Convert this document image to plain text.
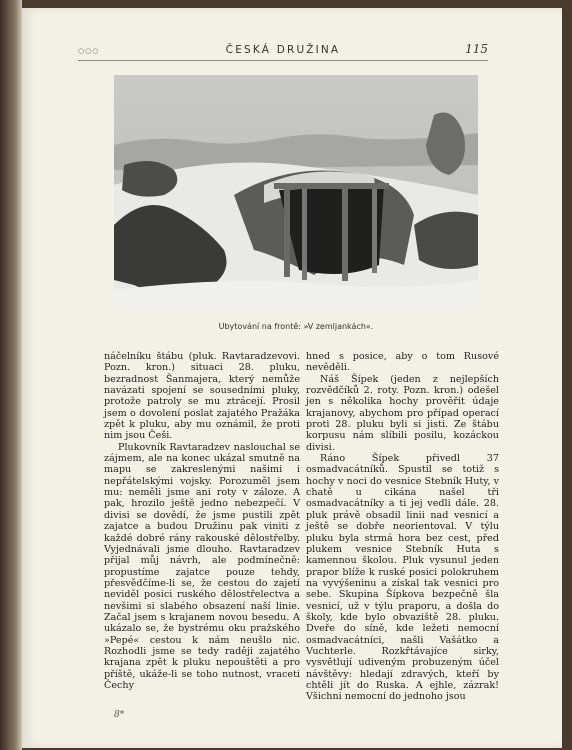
○○○	ČESKÁ DRUŽINA	115
Ubytování na frontě: »V zemljankách«.

náčelníku štábu (pluk. Ravtaradzevovi. Pozn. kron.) situaci 28. pluku, bezradnost Šanmajera, který nemůže navázati spojení se sousedními pluky, protože patroly se mu ztrácejí. Prosil jsem o dovolení poslat zajatého Pražáka zpět k pluku, aby mu oznámil, že proti nim jsou Češi.

Plukovník Ravtaradzev naslouchal se zájmem, ale na konec ukázal smutně na mapu se zakreslenými našimi i nepřátelskými vojsky. Porozuměl jsem mu: neměli jsme ani roty v záloze. A pak, hrozilo ještě jedno nebezpečí. V divisi se dovědí, že jsme pustili zpět zajatce a budou Družinu pak viniti z každé dobré rány rakouské dělostřelby. Vyjednávali jsme dlouho. Ravtaradzev přijal můj návrh, ale podmínečně: propustíme zajatce pouze tehdy, přesvědčíme-li se, že cestou do zajetí neviděl posici ruského dělostřelectva a nevšimi si slabého obsazení naší linie. Začal jsem s krajanem novou besedu. A ukázalo se, že bystrému oku pražského »Pepé« cestou k nám neušlo nic. Rozhodli jsme se tedy raději zajatého krajana zpět k pluku nepouštěti a pro příště, ukáže-li se toho nutnost, vraceti Čechy

hned s posice, aby o tom Rusové nevěděli.

Náš Šípek (jeden z nejlepších rozvědčíků 2. roty. Pozn. kron.) odešel jen s několika hochy prověřit údaje krajanovy, abychom pro případ operací proti 28. pluku byli si jisti. Ze štábu korpusu nám slíbili posilu, kozáckou divisi.

Ráno Šípek přivedl 37 osmadvacátníků. Spustil se totiž s hochy v noci do vesnice Stebník Huty, v chatě u cikána našel tři osmadvacátníky a ti jej vedli dále. 28. pluk právě obsadil linii nad vesnicí a ještě se dobře neorientoval. V týlu pluku byla strmá hora bez cest, před plukem vesnice Stebník Huta s kamennou školou. Pluk vysunul jeden prapor blíže k ruské posici polokruhem na vyvýšeninu a získal tak vesnici pro sebe. Skupina Šípkova bezpečně šla vesnicí, už v týlu praporu, a došla do školy, kde bylo obvaziště 28. pluku. Dveře do síně, kde ležeti nemocní osmadvacátníci, našli Vašátko a Vuchterle. Rozkřtávajíce sirky, vysvětlují udiveným probuzeným účel návštěvy: hledají zdravých, kteří by chtěli jít do Ruska. A ejhle, zázrak! Všichni nemocní do jednoho jsou

8*
